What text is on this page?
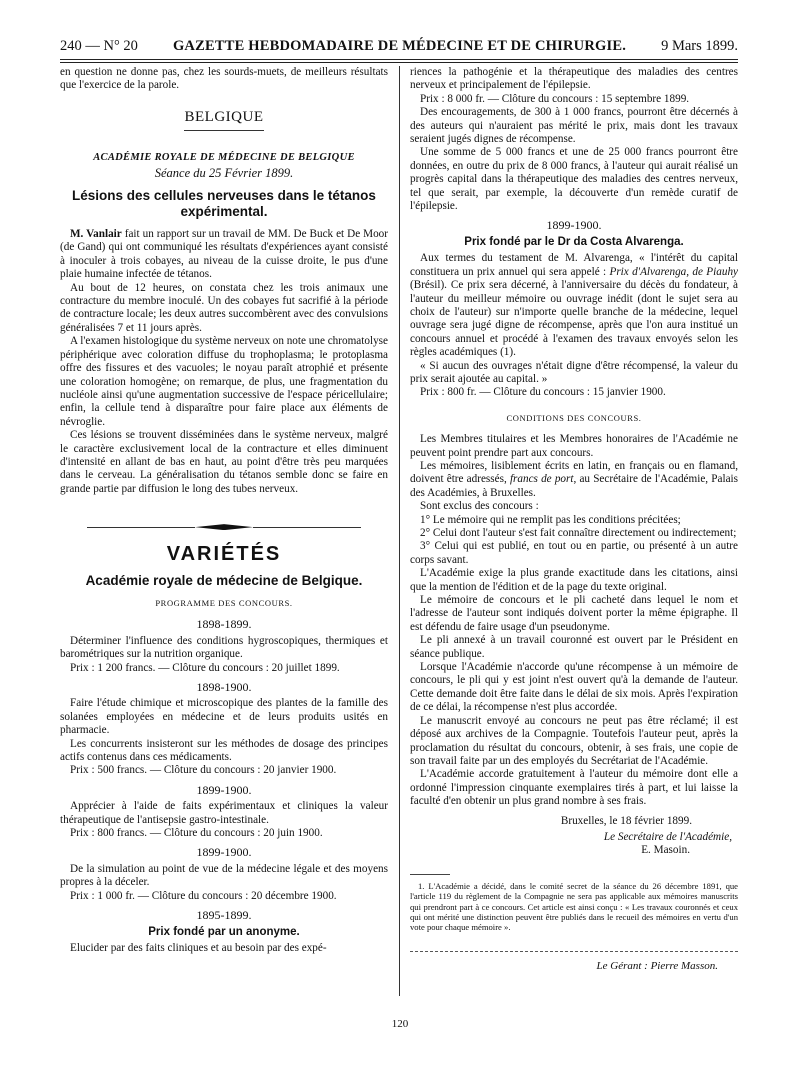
240 — N° 20 GAZETTE HEBDOMADAIRE DE MÉDECINE ET DE CHIRURGIE. 9 Mars 1899.

en question ne donne pas, chez les sourds-muets, de meilleurs résultats que l'exercice de la parole.

BELGIQUE
ACADÉMIE ROYALE DE MÉDECINE DE BELGIQUE
Séance du 25 Février 1899.
Lésions des cellules nerveuses dans le tétanos expérimental.

M. Vanlair fait un rapport sur un travail de MM. De Buck et De Moor (de Gand) qui ont communiqué les résultats d'expériences ayant consisté à inoculer à trois cobayes, au niveau de la cuisse droite, le pus d'une plaie humaine infectée de tétanos.

Au bout de 12 heures, on constata chez les trois animaux une contracture du membre inoculé. Un des cobayes fut sacrifié à la période de contracture locale; les deux autres succombèrent avec des convulsions généralisées 7 et 11 jours après.

A l'examen histologique du système nerveux on note une chromatolyse périphérique avec coloration diffuse du trophoplasma; le protoplasma offre des fissures et des vacuoles; le noyau paraît atrophié et présente une coloration homogène; on remarque, de plus, une fragmentation du nucléole ainsi qu'une augmentation successive de l'espace péricellulaire; enfin, la cellule tend à disparaître pour faire place aux éléments de névroglie.

Ces lésions se trouvent disséminées dans le système nerveux, malgré le caractère exclusivement local de la contracture et elles diminuent d'intensité en allant de bas en haut, au point d'être très peu marquées dans le cerveau. La généralisation du tétanos semble donc se faire en grande partie par diffusion le long des tubes nerveux.

VARIÉTÉS
Académie royale de médecine de Belgique.
PROGRAMME DES CONCOURS.
1898-1899.

Déterminer l'influence des conditions hygroscopiques, thermiques et barométriques sur la nutrition organique.

Prix : 1 200 francs. — Clôture du concours : 20 juillet 1899.

1898-1900.

Faire l'étude chimique et microscopique des plantes de la famille des solanées employées en médecine et de leurs produits usités en pharmacie.

Les concurrents insisteront sur les méthodes de dosage des principes actifs contenus dans ces médicaments.

Prix : 500 francs. — Clôture du concours : 20 janvier 1900.

1899-1900.

Apprécier à l'aide de faits expérimentaux et cliniques la valeur thérapeutique de l'antisepsie gastro-intestinale.

Prix : 800 francs. — Clôture du concours : 20 juin 1900.

1899-1900.

De la simulation au point de vue de la médecine légale et des moyens propres à la déceler.

Prix : 1 000 fr. — Clôture du concours : 20 décembre 1900.

1895-1899.
Prix fondé par un anonyme.

Elucider par des faits cliniques et au besoin par des expé-

riences la pathogénie et la thérapeutique des maladies des centres nerveux et principalement de l'épilepsie.

Prix : 8 000 fr. — Clôture du concours : 15 septembre 1899.

Des encouragements, de 300 à 1 000 francs, pourront être décernés à des auteurs qui n'auraient pas mérité le prix, mais dont les travaux seraient jugés dignes de récompense.

Une somme de 5 000 francs et une de 25 000 francs pourront être données, en outre du prix de 8 000 francs, à l'auteur qui aurait réalisé un progrès capital dans la thérapeutique des maladies des centres nerveux, tel que serait, par exemple, la découverte d'un remède curatif de l'épilepsie.

1899-1900.
Prix fondé par le Dr da Costa Alvarenga.

Aux termes du testament de M. Alvarenga, « l'intérêt du capital constituera un prix annuel qui sera appelé : Prix d'Alvarenga, de Piauhy (Brésil). Ce prix sera décerné, à l'anniversaire du décès du fondateur, à l'auteur du meilleur mémoire ou ouvrage inédit (dont le sujet sera au choix de l'auteur) sur n'importe quelle branche de la médecine, lequel ouvrage sera jugé digne de récompense, après que l'on aura institué un concours annuel et procédé à l'examen des travaux envoyés selon les règles académiques (1).

« Si aucun des ouvrages n'était digne d'être récompensé, la valeur du prix serait ajoutée au capital. »

Prix : 800 fr. — Clôture du concours : 15 janvier 1900.

CONDITIONS DES CONCOURS.

Les Membres titulaires et les Membres honoraires de l'Académie ne peuvent point prendre part aux concours.

Les mémoires, lisiblement écrits en latin, en français ou en flamand, doivent être adressés, francs de port, au Secrétaire de l'Académie, Palais des Académies, à Bruxelles.

Sont exclus des concours :

1° Le mémoire qui ne remplit pas les conditions précitées;

2° Celui dont l'auteur s'est fait connaître directement ou indirectement;

3° Celui qui est publié, en tout ou en partie, ou présenté à un autre corps savant.

L'Académie exige la plus grande exactitude dans les citations, ainsi que la mention de l'édition et de la page du texte original.

Le mémoire de concours et le pli cacheté dans lequel le nom et l'adresse de l'auteur sont indiqués doivent porter la même épigraphe. Il est défendu de faire usage d'un pseudonyme.

Le pli annexé à un travail couronné est ouvert par le Président en séance publique.

Lorsque l'Académie n'accorde qu'une récompense à un mémoire de concours, le pli qui y est joint n'est ouvert qu'à la demande de l'auteur. Cette demande doit être faite dans le délai de six mois. Après l'expiration de ce délai, la récompense n'est plus accordée.

Le manuscrit envoyé au concours ne peut pas être réclamé; il est déposé aux archives de la Compagnie. Toutefois l'auteur peut, après la proclamation du résultat du concours, obtenir, à ses frais, une copie de son travail faite par un des employés du Secrétariat de l'Académie.

L'Académie accorde gratuitement à l'auteur du mémoire dont elle a ordonné l'impression cinquante exemplaires tirés à part, et lui laisse la faculté d'en obtenir un plus grand nombre à ses frais.

Bruxelles, le 18 février 1899.
Le Secrétaire de l'Académie,
E. Masoin.

1. L'Académie a décidé, dans le comité secret de la séance du 26 décembre 1891, que l'article 119 du règlement de la Compagnie ne sera pas applicable aux mémoires manuscrits qui prendront part à ce concours. Cet article est ainsi conçu : « Les travaux couronnés et ceux qui ont mérité une distinction peuvent être publiés dans le recueil des mémoires en vertu d'un vote pour chaque mémoire ».

Le Gérant : Pierre Masson.
120
